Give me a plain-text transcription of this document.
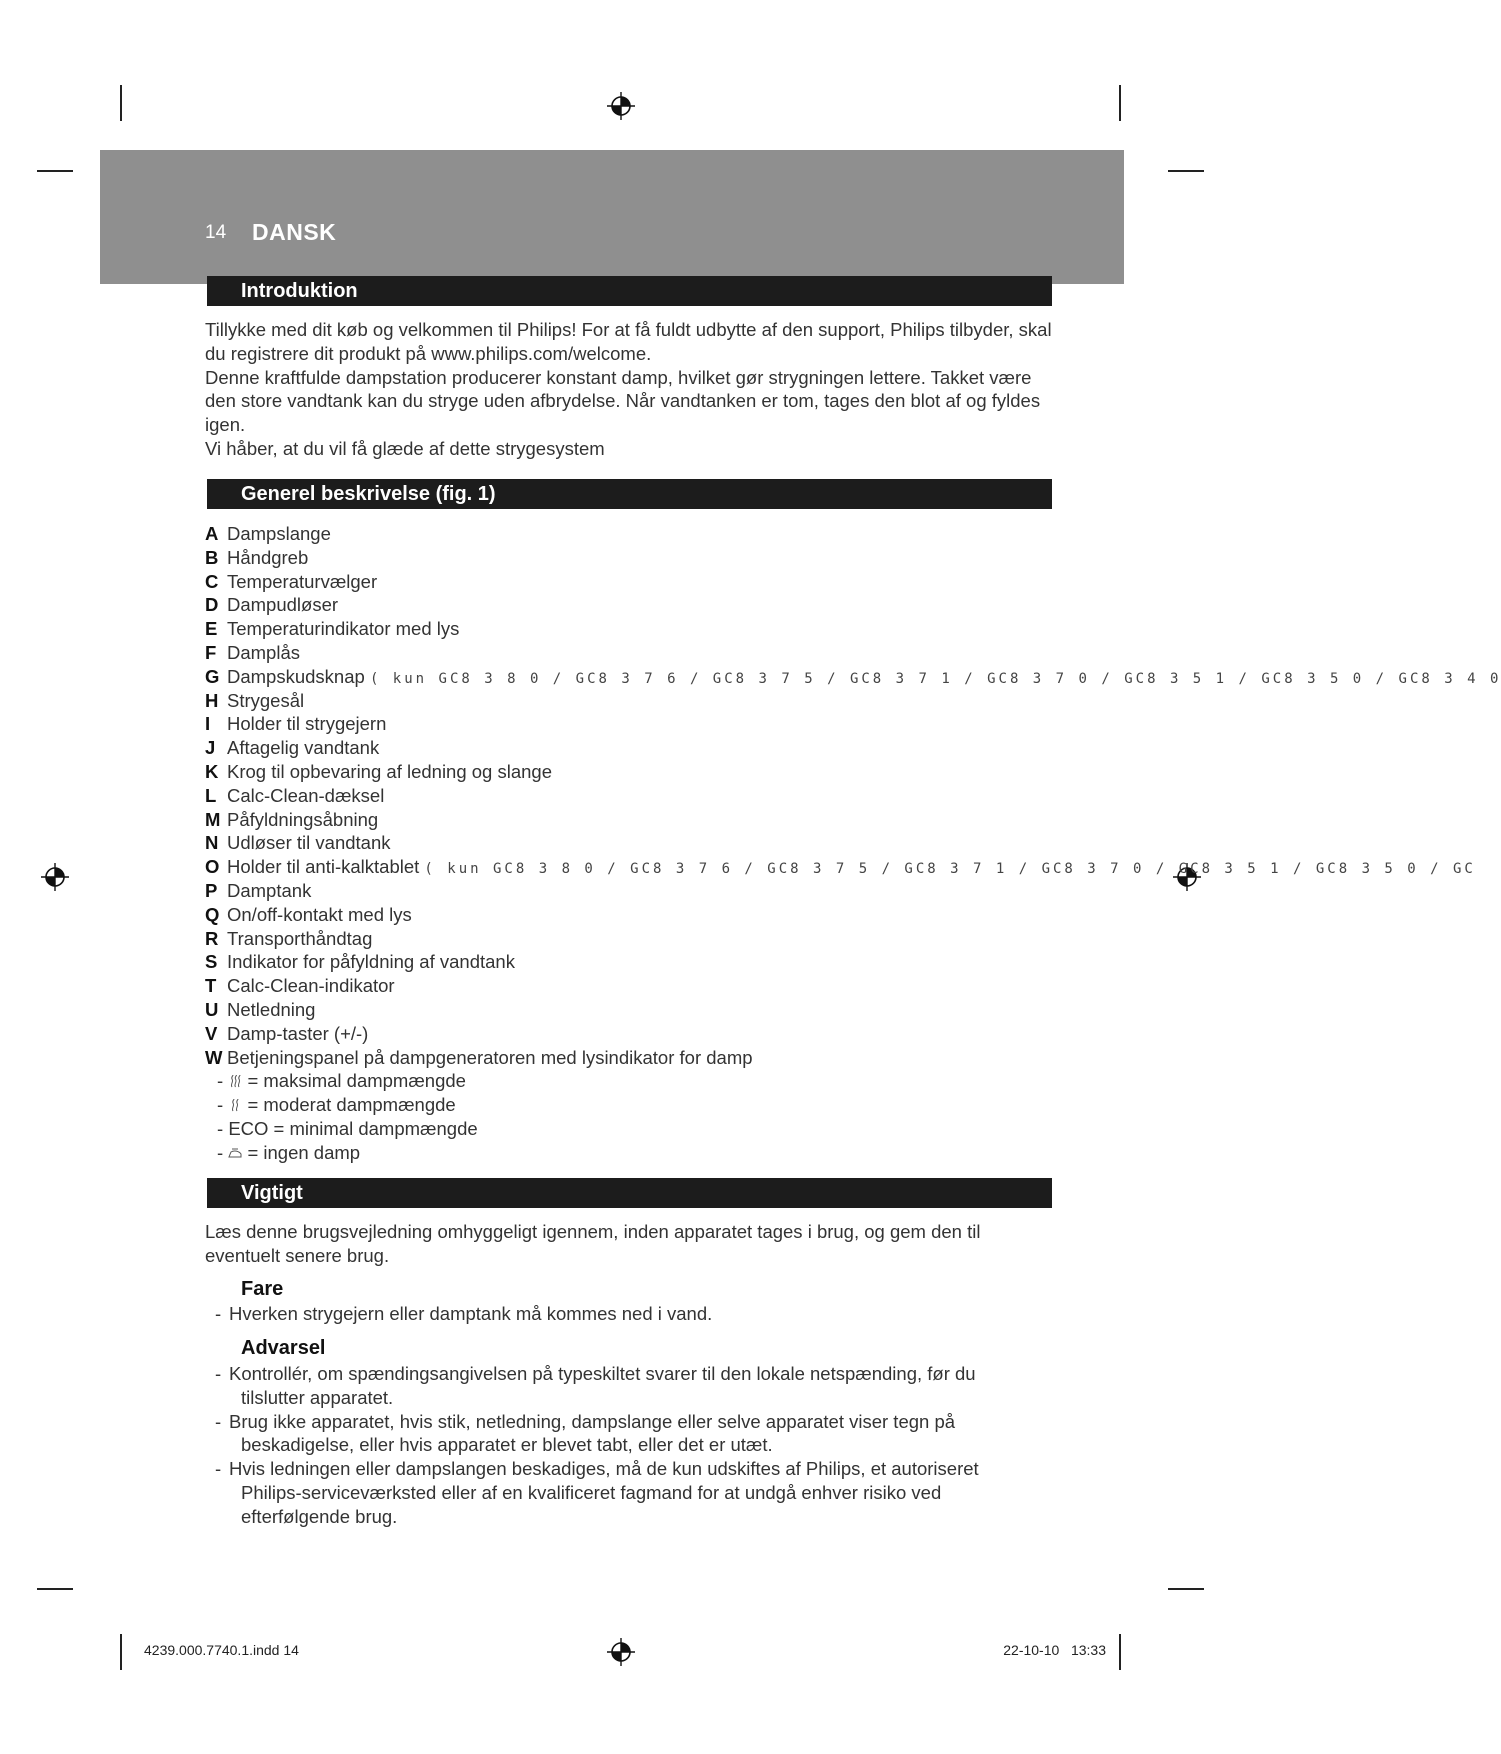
14 DANSK
Introduktion

Tillykke med dit køb og velkommen til Philips! For at få fuldt udbytte af den support, Philips tilbyder, skal du registrere dit produkt på www.philips.com/welcome.

Denne kraftfulde dampstation producerer konstant damp, hvilket gør strygningen lettere. Takket være den store vandtank kan du stryge uden afbrydelse. Når vandtanken er tom, tages den blot af og fyldes igen.

Vi håber, at du vil få glæde af dette strygesystem

Generel beskrivelse (fig. 1)
A Dampslange
B Håndgreb
C Temperaturvælger
D Dampudløser
E Temperaturindikator med lys
F Damplås
G Dampskudsknap ( kun GC8 3 8 0 / GC8 3 7 6 / GC8 3 7 5 / GC8 3 7 1 / GC8 3 7 0 / GC8 3 5 1 / GC8 3 5 0 / GC8 3 4 0
H Strygesål
I Holder til strygejern
J Aftagelig vandtank
K Krog til opbevaring af ledning og slange
L Calc-Clean-dæksel
M Påfyldningsåbning
N Udløser til vandtank
O Holder til anti-kalktablet ( kun GC8 3 8 0 / GC8 3 7 6 / GC8 3 7 5 / GC8 3 7 1 / GC8 3 7 0 / GC8 3 5 1 / GC8 3 5 0 / GC
P Damptank
Q On/off-kontakt med lys
R Transporthåndtag
S Indikator for påfyldning af vandtank
T Calc-Clean-indikator
U Netledning
V Damp-taster (+/-)
W Betjeningspanel på dampgeneratoren med lysindikator for damp
-  = maksimal dampmængde
-  = moderat dampmængde
- ECO = minimal dampmængde
-  = ingen damp
Vigtigt
Læs denne brugsvejledning omhyggeligt igennem, inden apparatet tages i brug, og gem den til eventuelt senere brug.
Fare
- Hverken strygejern eller damptank må kommes ned i vand.
Advarsel
- Kontrollér, om spændingsangivelsen på typeskiltet svarer til den lokale netspænding, før du tilslutter apparatet.
- Brug ikke apparatet, hvis stik, netledning, dampslange eller selve apparatet viser tegn på beskadigelse, eller hvis apparatet er blevet tabt, eller det er utæt.
- Hvis ledningen eller dampslangen beskadiges, må de kun udskiftes af Philips, et autoriseret Philips-serviceværksted eller af en kvalificeret fagmand for at undgå enhver risiko ved efterfølgende brug.
4239.000.7740.1.indd 14	22-10-10   13:33
